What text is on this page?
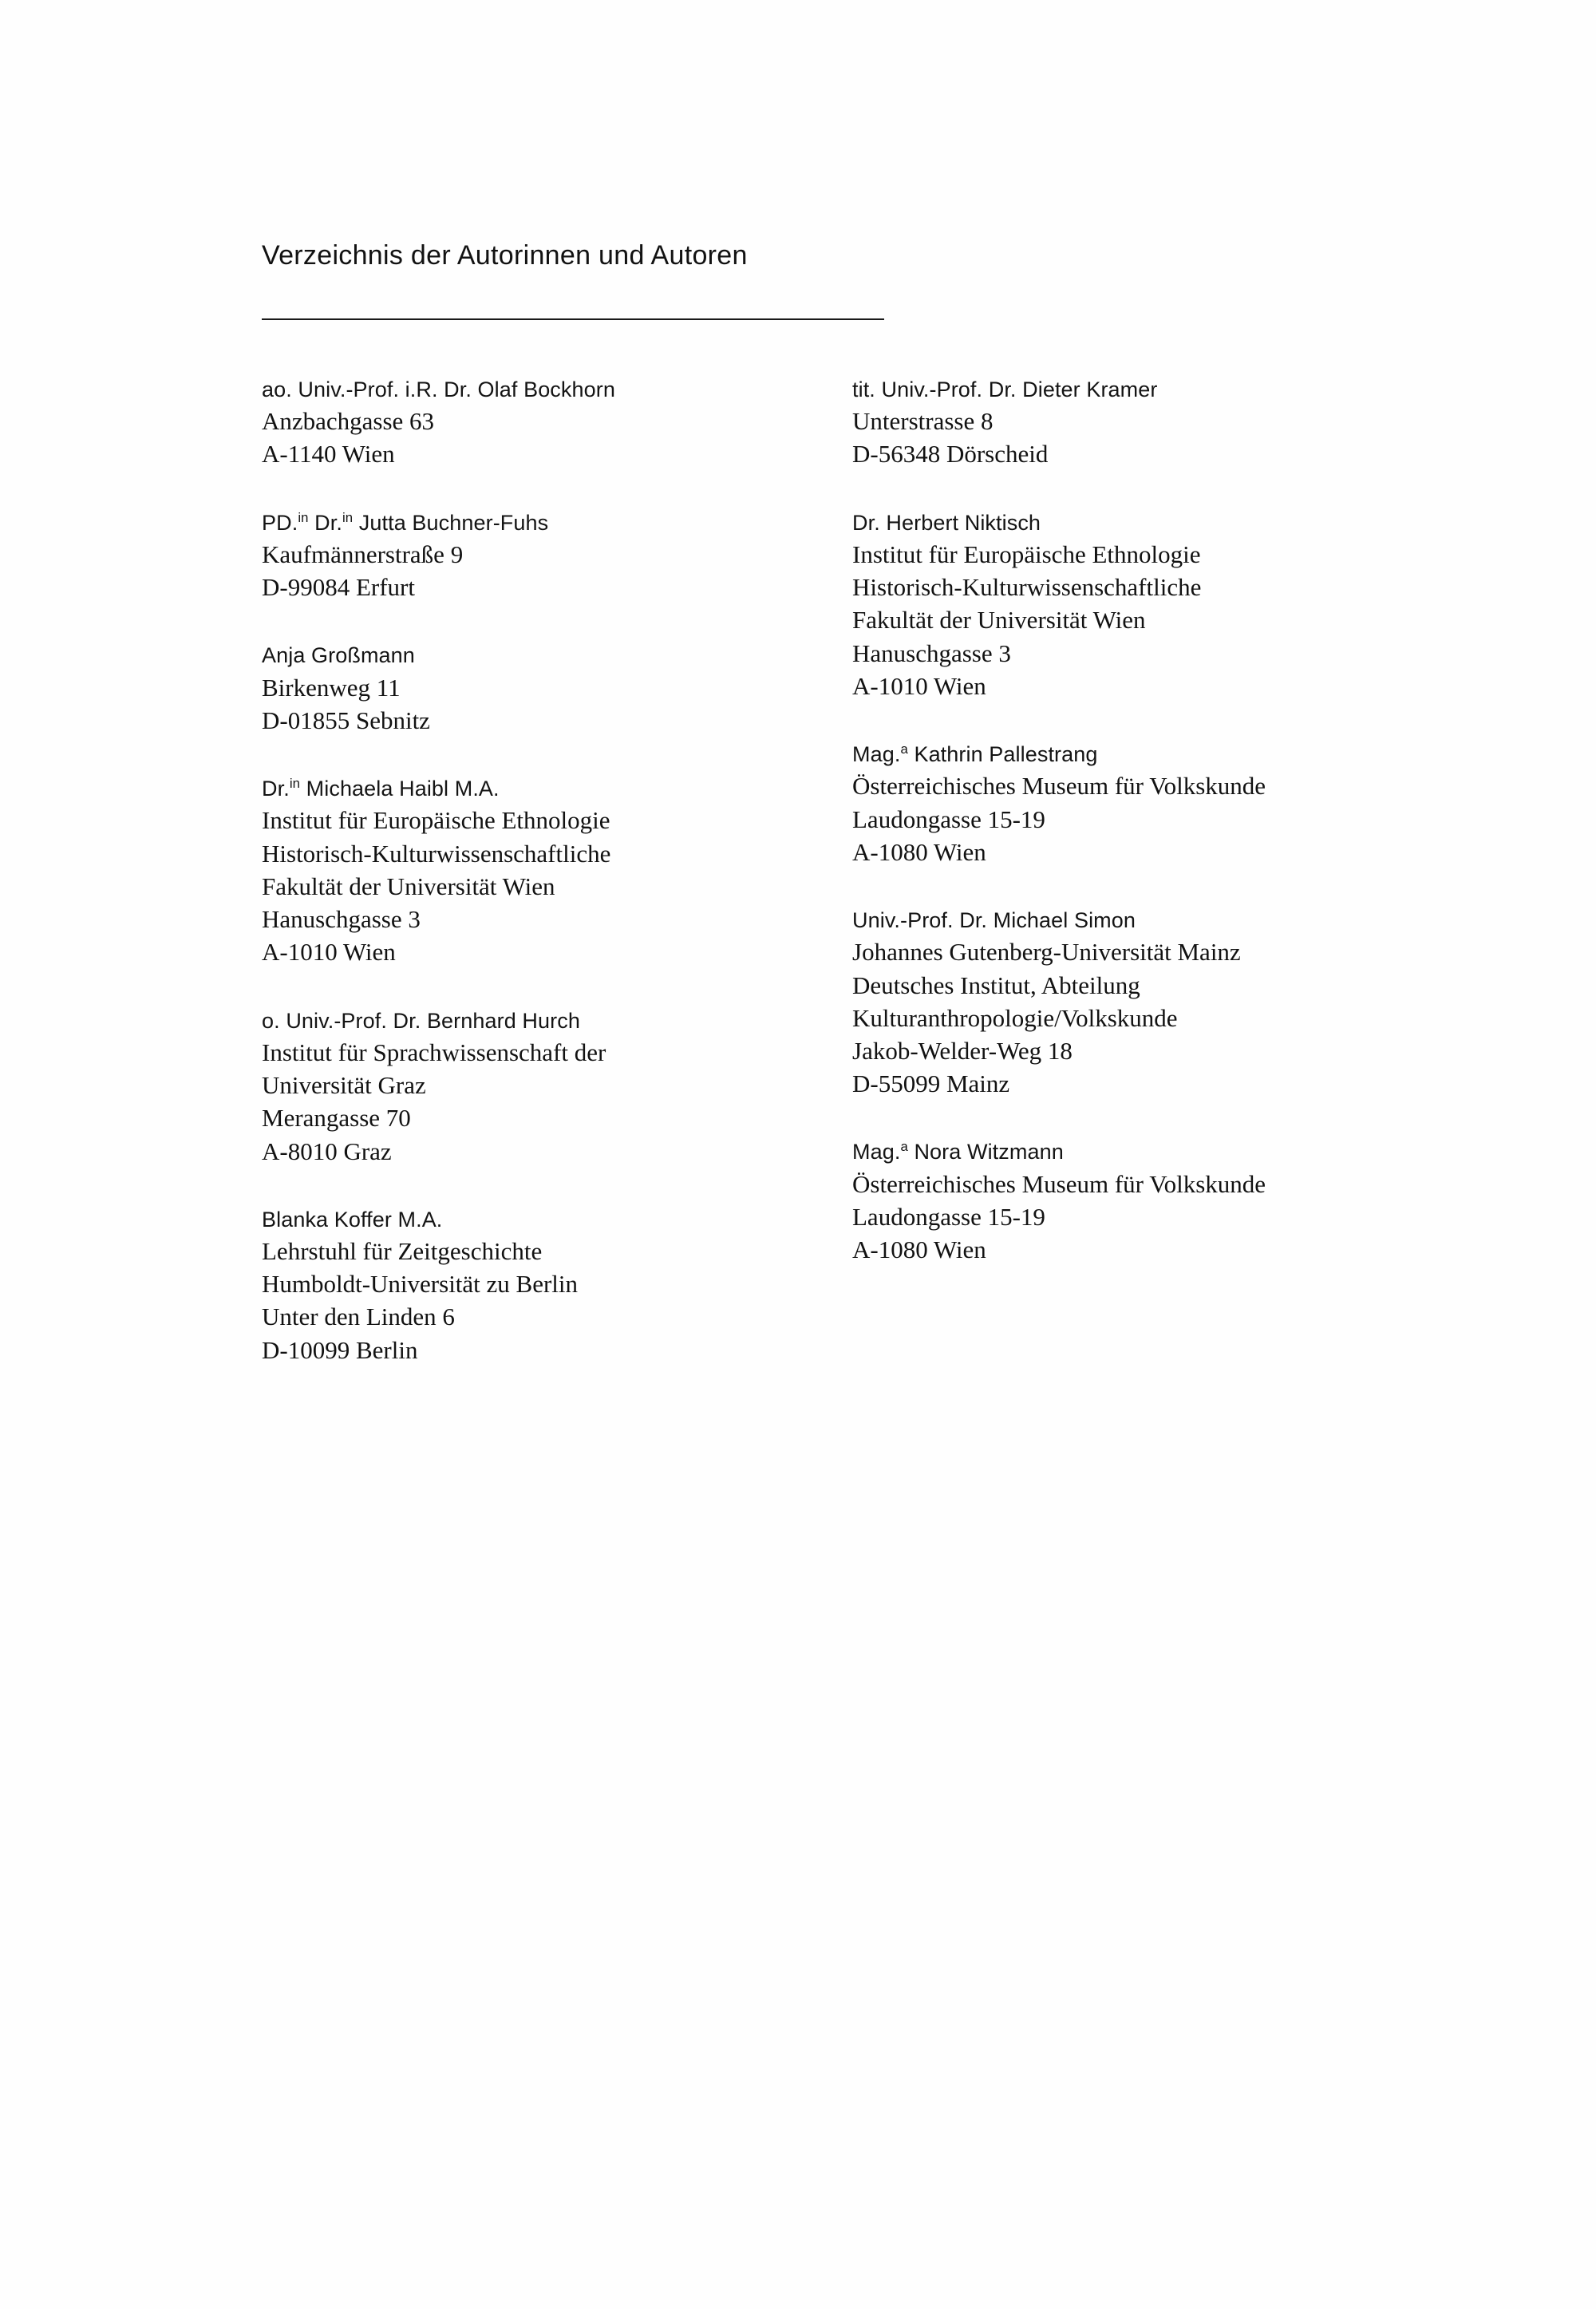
Verzeichnis der Autorinnen und Autoren
ao. Univ.-Prof. i.R. Dr. Olaf Bockhorn
Anzbachgasse 63
A-1140 Wien
PD.$^{in}$ Dr.$^{in}$ Jutta Buchner-Fuhs
Kaufmännerstraße 9
D-99084 Erfurt
Anja Großmann
Birkenweg 11
D-01855 Sebnitz
Dr.$^{in}$ Michaela Haibl M.A.
Institut für Europäische Ethnologie
Historisch-Kulturwissenschaftliche
Fakultät der Universität Wien
Hanuschgasse 3
A-1010 Wien
o. Univ.-Prof. Dr. Bernhard Hurch
Institut für Sprachwissenschaft der
Universität Graz
Merangasse 70
A-8010 Graz
Blanka Koffer M.A.
Lehrstuhl für Zeitgeschichte
Humboldt-Universität zu Berlin
Unter den Linden 6
D-10099 Berlin
tit. Univ.-Prof. Dr. Dieter Kramer
Unterstrasse 8
D-56348 Dörscheid
Dr. Herbert Niktisch
Institut für Europäische Ethnologie
Historisch-Kulturwissenschaftliche
Fakultät der Universität Wien
Hanuschgasse 3
A-1010 Wien
Mag.$^a$ Kathrin Pallestrang
Österreichisches Museum für Volkskunde
Laudongasse 15-19
A-1080 Wien
Univ.-Prof. Dr. Michael Simon
Johannes Gutenberg-Universität Mainz
Deutsches Institut, Abteilung
Kulturanthropologie/Volkskunde
Jakob-Welder-Weg 18
D-55099 Mainz
Mag.$^a$ Nora Witzmann
Österreichisches Museum für Volkskunde
Laudongasse 15-19
A-1080 Wien
